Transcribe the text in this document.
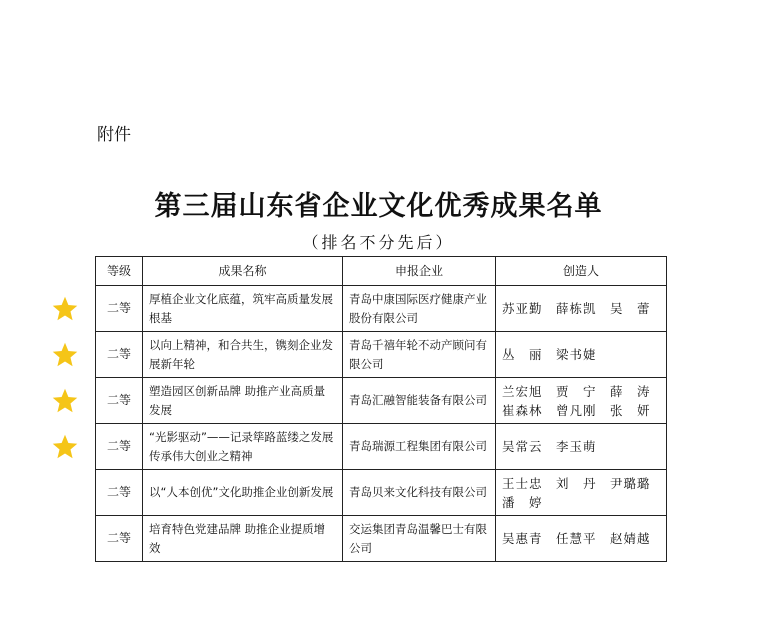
附件
第三届山东省企业文化优秀成果名单
（排名不分先后）
等级	成果名称	申报企业	创造人
二等	厚植企业文化底蕴，筑牢高质量发展根基	青岛中康国际医疗健康产业股份有限公司	苏亚勤　薛栋凯　吴　蕾
二等	以向上精神，和合共生，镌刻企业发展新年轮	青岛千禧年轮不动产顾问有限公司	丛　丽　梁书婕
二等	塑造园区创新品牌 助推产业高质量发展	青岛汇融智能装备有限公司	兰宏旭　贾　宁　薛　涛　崔森林　曾凡刚　张　妍
二等	“光影驱动”——记录筚路蓝缕之发展 传承伟大创业之精神	青岛瑞源工程集团有限公司	吴常云　李玉萌
二等	以“人本创优”文化助推企业创新发展	青岛贝来文化科技有限公司	王士忠　刘　丹　尹璐璐　潘　婷
二等	培育特色党建品牌 助推企业提质增效	交运集团青岛温馨巴士有限公司	吴惠青　任慧平　赵婧越
